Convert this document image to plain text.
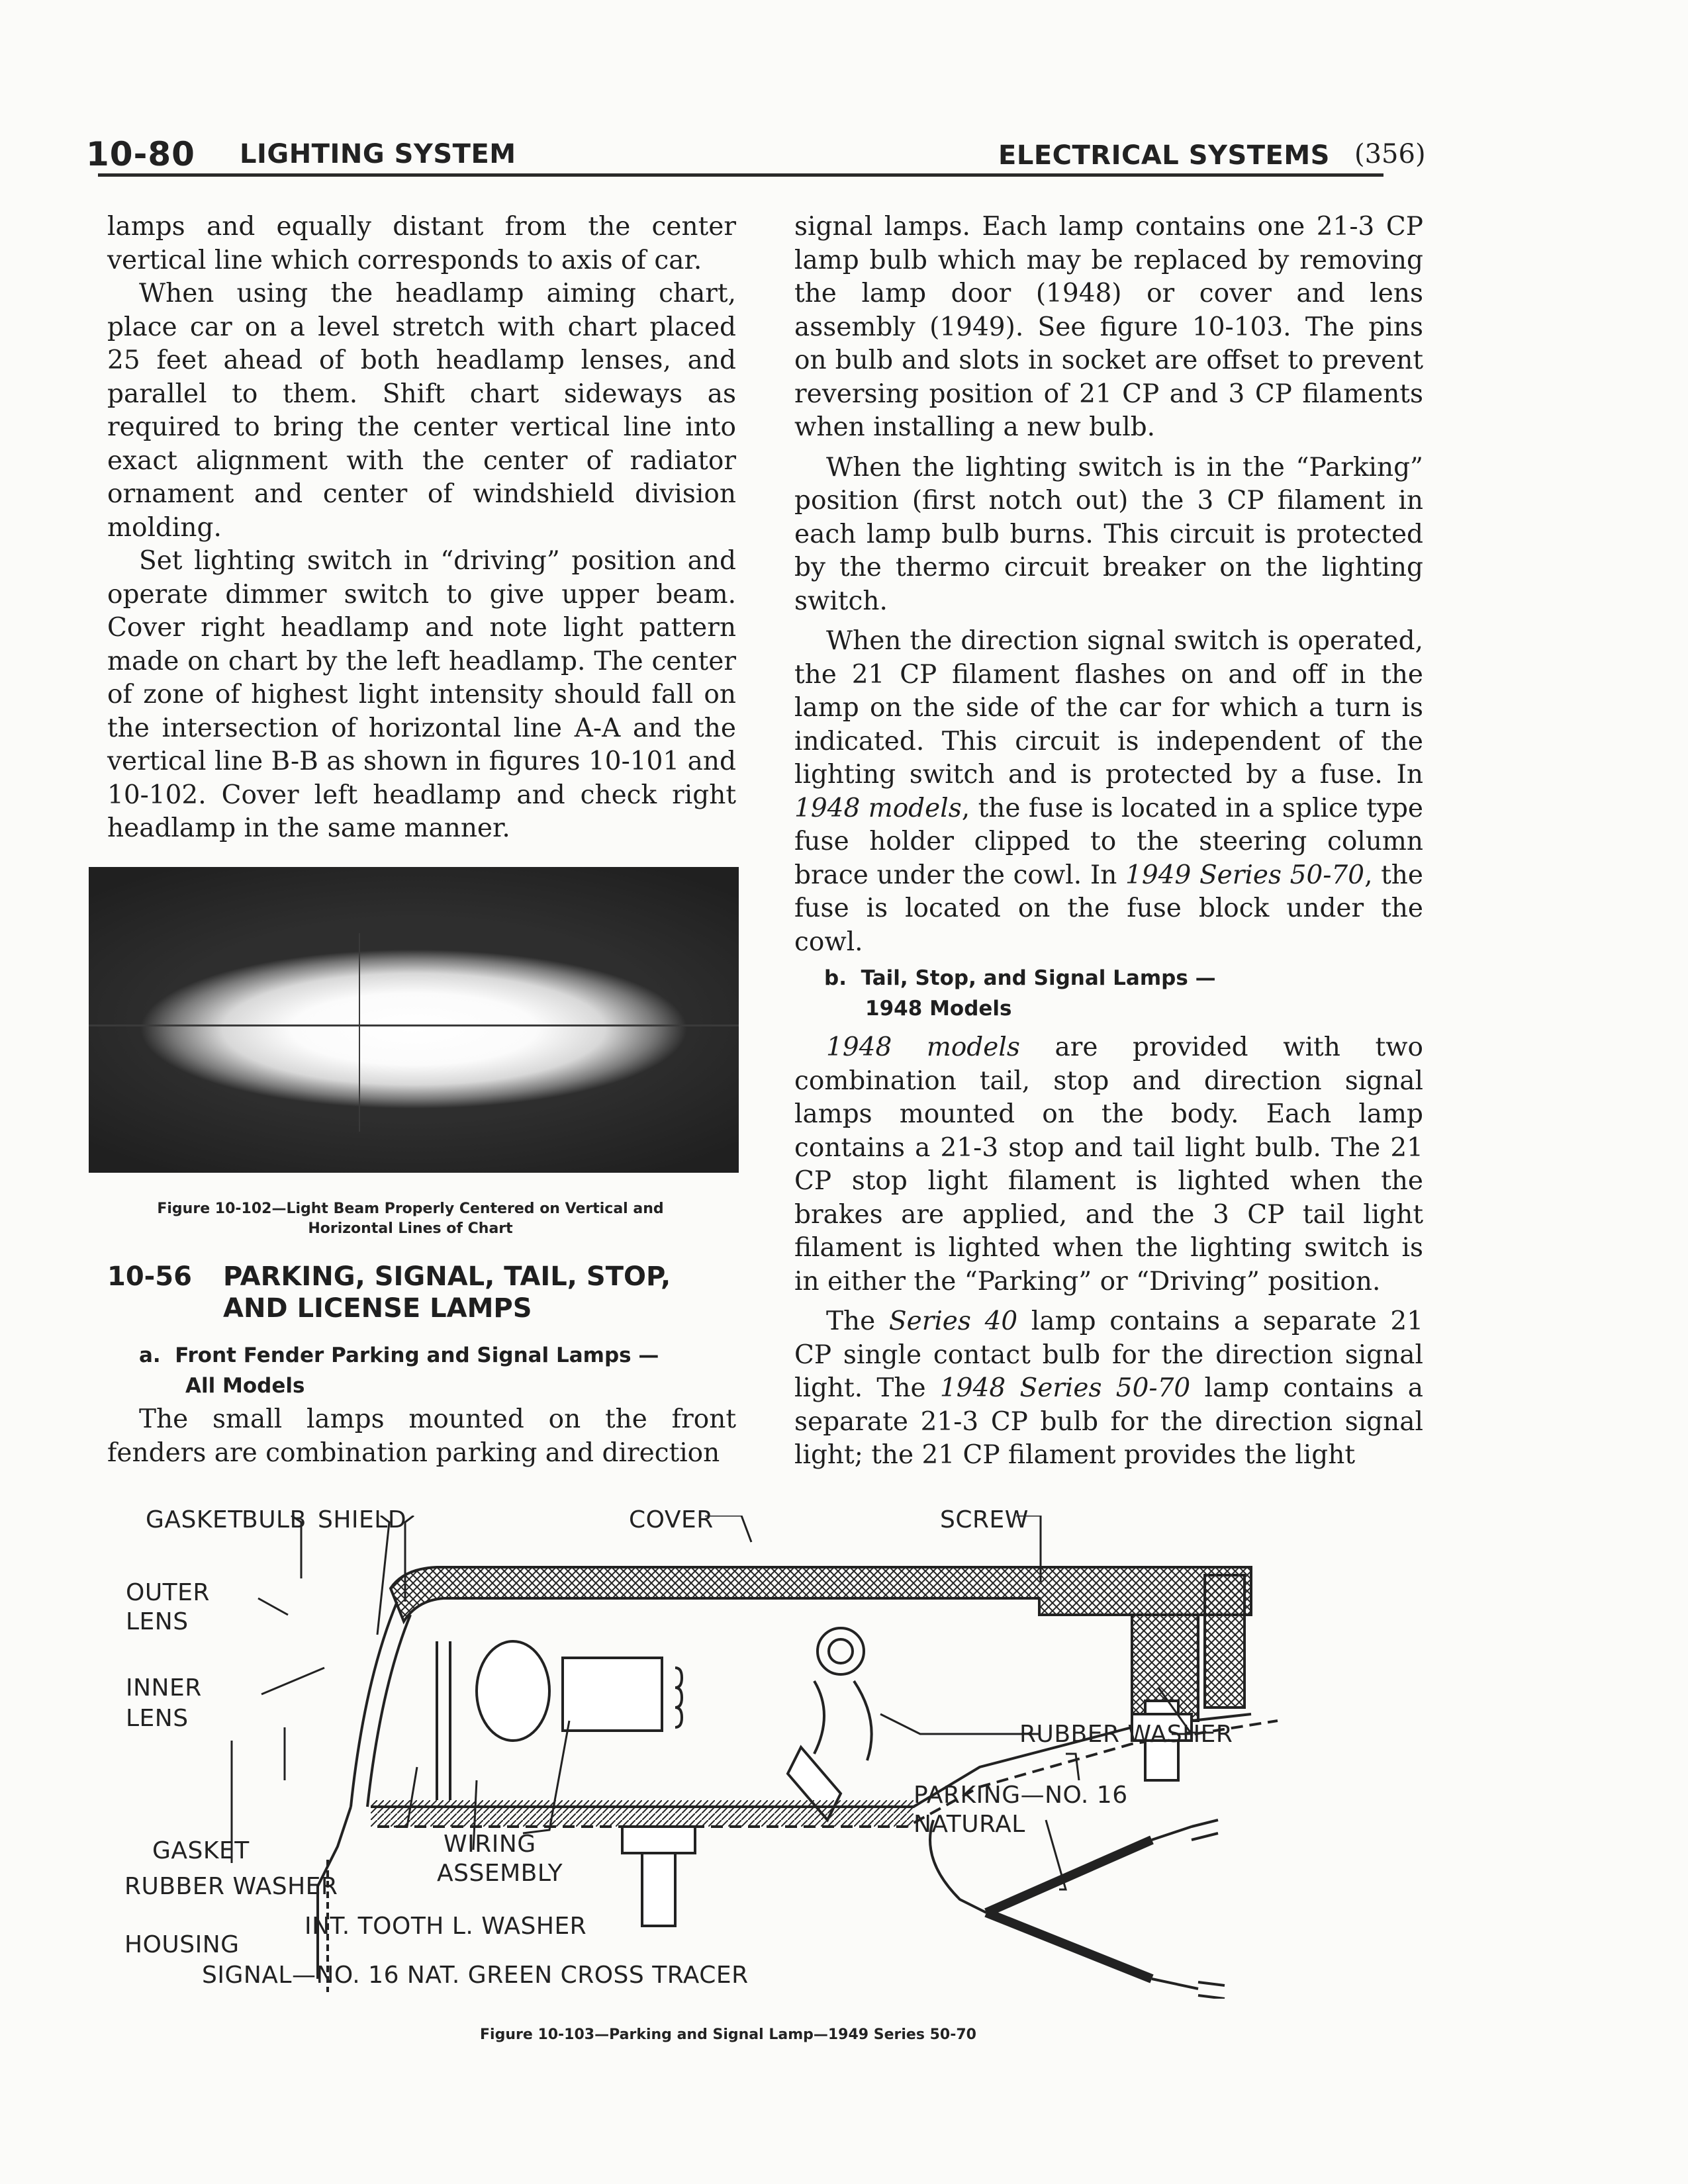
10-80 LIGHTING SYSTEM	ELECTRICAL SYSTEMS (356)

lamps and equally distant from the center vertical line which corresponds to axis of car.

When using the headlamp aiming chart, place car on a level stretch with chart placed 25 feet ahead of both headlamp lenses, and parallel to them. Shift chart sideways as required to bring the center vertical line into exact alignment with the center of radiator ornament and center of windshield division molding.

Set lighting switch in “driving” position and operate dimmer switch to give upper beam. Cover right headlamp and note light pattern made on chart by the left headlamp. The center of zone of highest light intensity should fall on the intersection of horizontal line A-A and the vertical line B-B as shown in figures 10-101 and 10-102. Cover left headlamp and check right headlamp in the same manner.

Figure 10-102—Light Beam Properly Centered on Vertical and
Horizontal Lines of Chart
10-56 PARKING, SIGNAL, TAIL, STOP,
AND LICENSE LAMPS
a. Front Fender Parking and Signal Lamps —
All Models

The small lamps mounted on the front fenders are combination parking and direction

signal lamps. Each lamp contains one 21-3 CP lamp bulb which may be replaced by removing the lamp door (1948) or cover and lens assembly (1949). See figure 10-103. The pins on bulb and slots in socket are offset to prevent reversing position of 21 CP and 3 CP filaments when installing a new bulb.

When the lighting switch is in the “Parking” position (first notch out) the 3 CP filament in each lamp bulb burns. This circuit is protected by the thermo circuit breaker on the lighting switch.

When the direction signal switch is operated, the 21 CP filament flashes on and off in the lamp on the side of the car for which a turn is indicated. This circuit is independent of the lighting switch and is protected by a fuse. In 1948 models, the fuse is located in a splice type fuse holder clipped to the steering column brace under the cowl. In 1949 Series 50-70, the fuse is located on the fuse block under the cowl.

b. Tail, Stop, and Signal Lamps —
1948 Models

1948 models are provided with two combination tail, stop and direction signal lamps mounted on the body. Each lamp contains a 21-3 stop and tail light bulb. The 21 CP stop light filament is lighted when the brakes are applied, and the 3 CP tail light filament is lighted when the lighting switch is in either the “Parking” or “Driving” position.

The Series 40 lamp contains a separate 21 CP single contact bulb for the direction signal light. The 1948 Series 50-70 lamp contains a separate 21-3 CP bulb for the direction signal light; the 21 CP filament provides the light

GASKET
BULB SHIELD	COVER	SCREW
OUTER
LENS
INNER
LENS
RUBBER WASHER
PARKING—NO. 16
NATURAL
GASKET	WIRING
ASSEMBLY
RUBBER WASHER
INT. TOOTH L. WASHER
HOUSING
SIGNAL—NO. 16 NAT. GREEN CROSS TRACER
Figure 10-103—Parking and Signal Lamp—1949 Series 50-70
